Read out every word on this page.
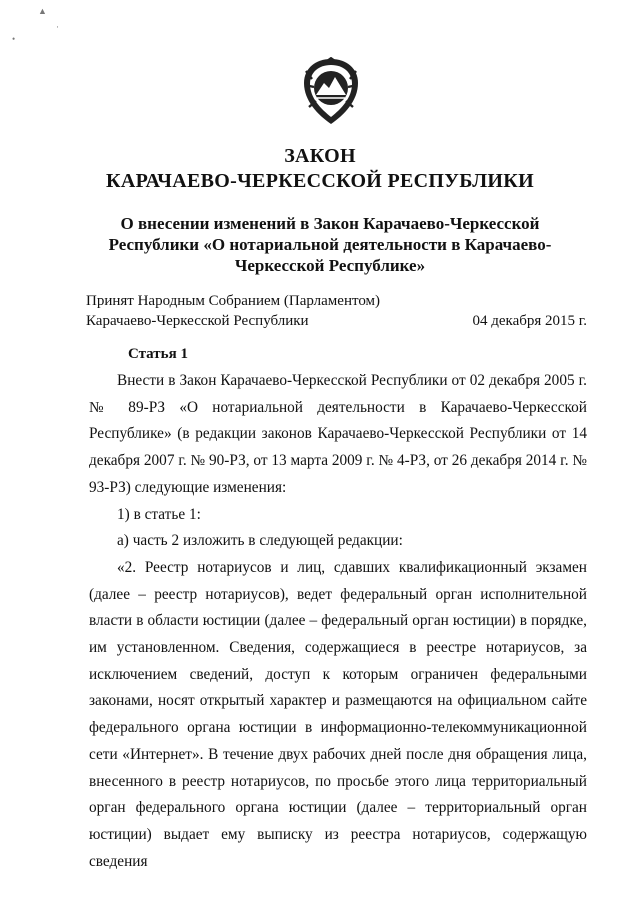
▲
•
·
ЗАКОН
КАРАЧАЕВО-ЧЕРКЕССКОЙ РЕСПУБЛИКИ
О внесении изменений в Закон Карачаево-Черкесской Республики «О нотариальной деятельности в Карачаево-Черкесской Республике»
Принят Народным Собранием (Парламентом)
Карачаево-Черкесской Республики	04 декабря 2015 г.
Статья 1

Внести в Закон Карачаево-Черкесской Республики от 02 декабря 2005 г. № 89-РЗ «О нотариальной деятельности в Карачаево-Черкесской Республике» (в редакции законов Карачаево-Черкесской Республики от 14 декабря 2007 г. № 90-РЗ, от 13 марта 2009 г. № 4-РЗ, от 26 декабря 2014 г. № 93-РЗ) следующие изменения:

1) в статье 1:

а) часть 2 изложить в следующей редакции:

«2. Реестр нотариусов и лиц, сдавших квалификационный экзамен (далее – реестр нотариусов), ведет федеральный орган исполнительной власти в области юстиции (далее – федеральный орган юстиции) в порядке, им установленном. Сведения, содержащиеся в реестре нотариусов, за исключением сведений, доступ к которым ограничен федеральными законами, носят открытый характер и размещаются на официальном сайте федерального органа юстиции в информационно-телекоммуникационной сети «Интернет». В течение двух рабочих дней после дня обращения лица, внесенного в реестр нотариусов, по просьбе этого лица территориальный орган федерального органа юстиции (далее – территориальный орган юстиции) выдает ему выписку из реестра нотариусов, содержащую сведения
